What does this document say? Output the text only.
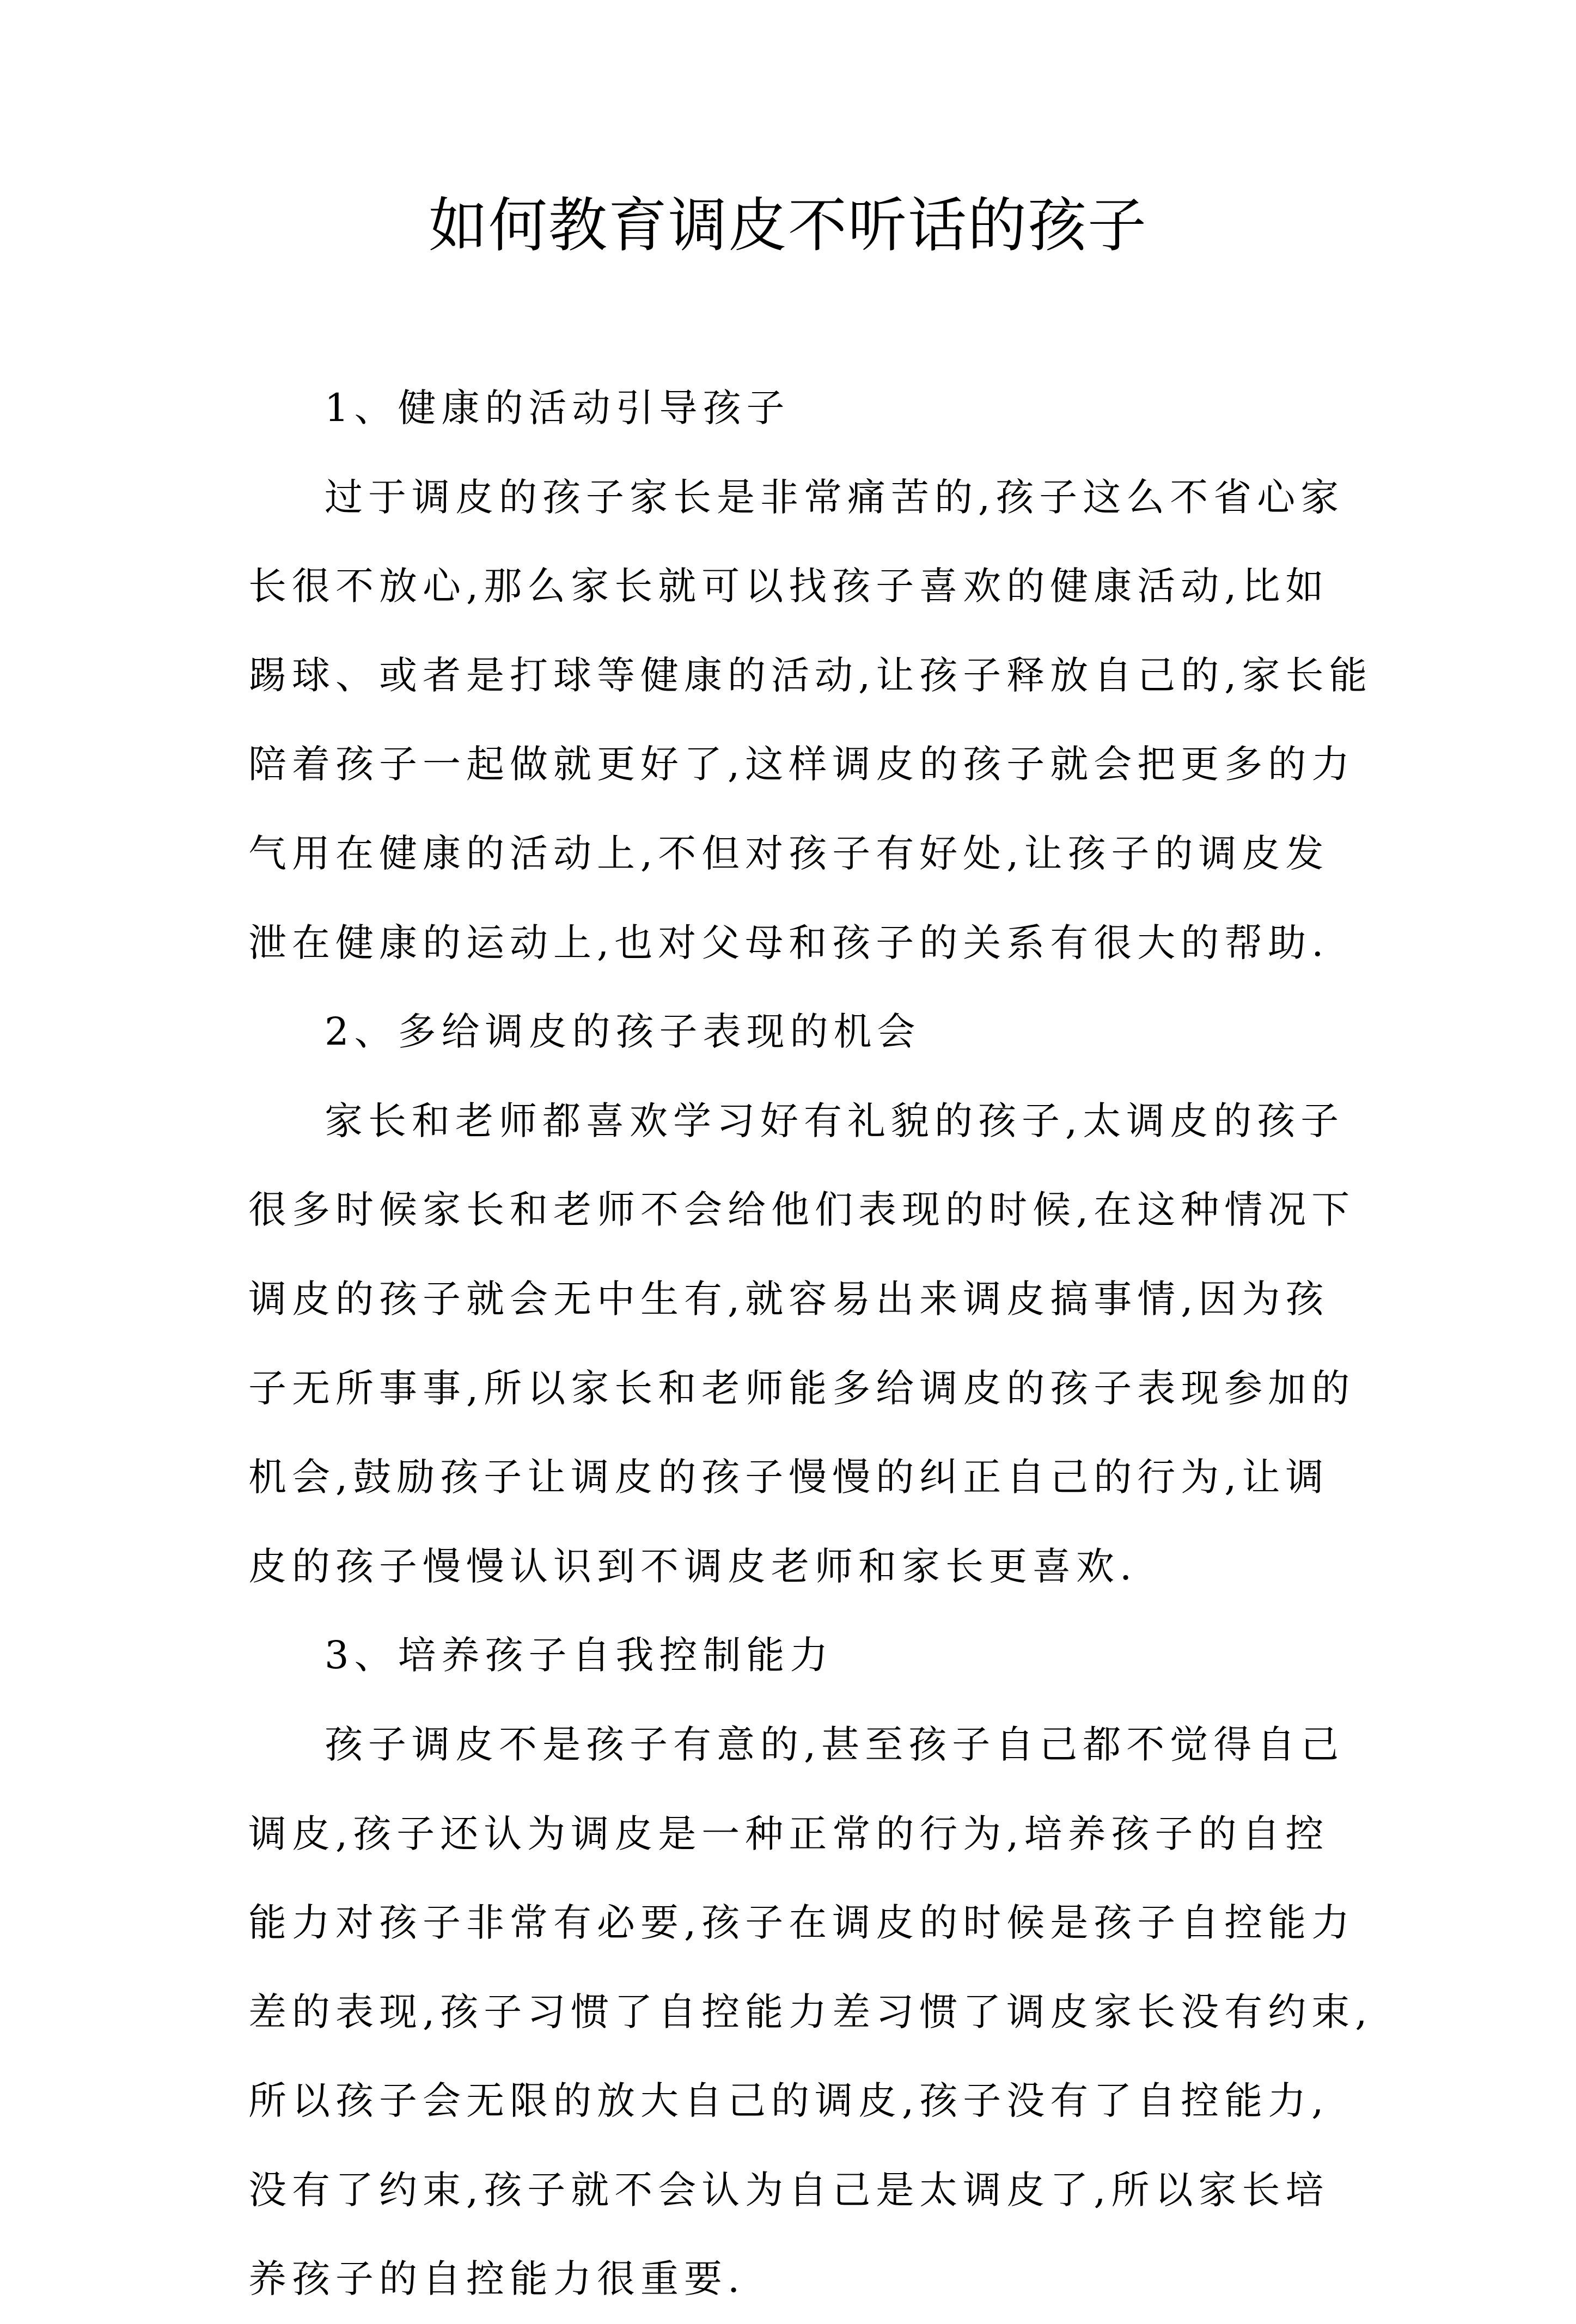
如何教育调皮不听话的孩子
1、健康的活动引导孩子
过于调皮的孩子家长是非常痛苦的,孩子这么不省心家
长很不放心,那么家长就可以找孩子喜欢的健康活动,比如
踢球、或者是打球等健康的活动,让孩子释放自己的,家长能
陪着孩子一起做就更好了,这样调皮的孩子就会把更多的力
气用在健康的活动上,不但对孩子有好处,让孩子的调皮发
泄在健康的运动上,也对父母和孩子的关系有很大的帮助.
2、多给调皮的孩子表现的机会
家长和老师都喜欢学习好有礼貌的孩子,太调皮的孩子
很多时候家长和老师不会给他们表现的时候,在这种情况下
调皮的孩子就会无中生有,就容易出来调皮搞事情,因为孩
子无所事事,所以家长和老师能多给调皮的孩子表现参加的
机会,鼓励孩子让调皮的孩子慢慢的纠正自己的行为,让调
皮的孩子慢慢认识到不调皮老师和家长更喜欢.
3、培养孩子自我控制能力
孩子调皮不是孩子有意的,甚至孩子自己都不觉得自己
调皮,孩子还认为调皮是一种正常的行为,培养孩子的自控
能力对孩子非常有必要,孩子在调皮的时候是孩子自控能力
差的表现,孩子习惯了自控能力差习惯了调皮家长没有约束,
所以孩子会无限的放大自己的调皮,孩子没有了自控能力,
没有了约束,孩子就不会认为自己是太调皮了,所以家长培
养孩子的自控能力很重要.
